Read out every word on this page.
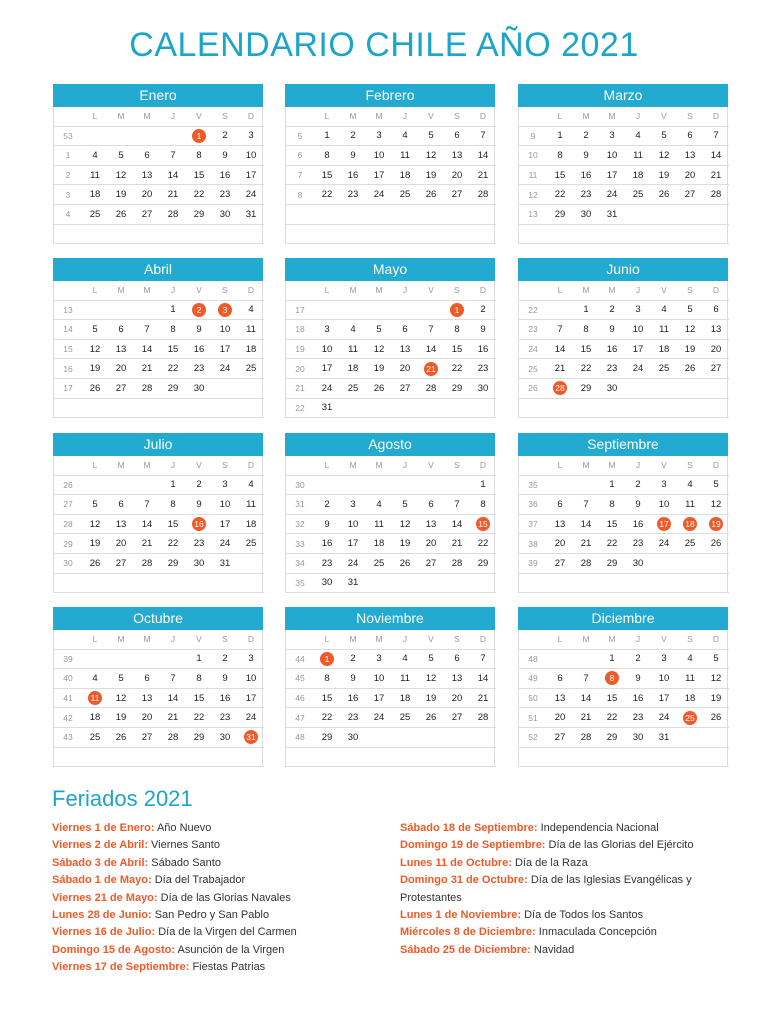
CALENDARIO CHILE AÑO 2021
Enero
	L	M	M	J	V	S	D
53					1	2	3
1	4	5	6	7	8	9	10
2	11	12	13	14	15	16	17
3	18	19	20	21	22	23	24
4	25	26	27	28	29	30	31

Febrero
	L	M	M	J	V	S	D
5	1	2	3	4	5	6	7
6	8	9	10	11	12	13	14
7	15	16	17	18	19	20	21
8	22	23	24	25	26	27	28

Marzo
	L	M	M	J	V	S	D
9	1	2	3	4	5	6	7
10	8	9	10	11	12	13	14
11	15	16	17	18	19	20	21
12	22	23	24	25	26	27	28
13	29	30	31				

Abril
	L	M	M	J	V	S	D
13				1	2	3	4
14	5	6	7	8	9	10	11
15	12	13	14	15	16	17	18
16	19	20	21	22	23	24	25
17	26	27	28	29	30		

Mayo
	L	M	M	J	V	S	D
17						1	2
18	3	4	5	6	7	8	9
19	10	11	12	13	14	15	16
20	17	18	19	20	21	22	23
21	24	25	26	27	28	29	30
22	31						
Junio
	L	M	M	J	V	S	D
22		1	2	3	4	5	6
23	7	8	9	10	11	12	13
24	14	15	16	17	18	19	20
25	21	22	23	24	25	26	27
26	28	29	30				

Julio
	L	M	M	J	V	S	D
26				1	2	3	4
27	5	6	7	8	9	10	11
28	12	13	14	15	16	17	18
29	19	20	21	22	23	24	25
30	26	27	28	29	30	31	

Agosto
	L	M	M	J	V	S	D
30							1
31	2	3	4	5	6	7	8
32	9	10	11	12	13	14	15
33	16	17	18	19	20	21	22
34	23	24	25	26	27	28	29
35	30	31					
Septiembre
	L	M	M	J	V	S	D
35			1	2	3	4	5
36	6	7	8	9	10	11	12
37	13	14	15	16	17	18	19
38	20	21	22	23	24	25	26
39	27	28	29	30			

Octubre
	L	M	M	J	V	S	D
39					1	2	3
40	4	5	6	7	8	9	10
41	11	12	13	14	15	16	17
42	18	19	20	21	22	23	24
43	25	26	27	28	29	30	31

Noviembre
	L	M	M	J	V	S	D
44	1	2	3	4	5	6	7
45	8	9	10	11	12	13	14
46	15	16	17	18	19	20	21
47	22	23	24	25	26	27	28
48	29	30					

Diciembre
	L	M	M	J	V	S	D
48			1	2	3	4	5
49	6	7	8	9	10	11	12
50	13	14	15	16	17	18	19
51	20	21	22	23	24	25	26
52	27	28	29	30	31		

Feriados 2021

Viernes 1 de Enero: Año Nuevo

Viernes 2 de Abril: Viernes Santo

Sábado 3 de Abril: Sábado Santo

Sábado 1 de Mayo: Día del Trabajador

Viernes 21 de Mayo: Día de las Glorias Navales

Lunes 28 de Junio: San Pedro y San Pablo

Viernes 16 de Julio: Día de la Virgen del Carmen

Domingo 15 de Agosto: Asunción de la Virgen

Viernes 17 de Septiembre: Fiestas Patrias

Sábado 18 de Septiembre: Independencia Nacional

Domingo 19 de Septiembre: Día de las Glorias del Ejército

Lunes 11 de Octubre: Día de la Raza

Domingo 31 de Octubre: Día de las Iglesias Evangélicas y Protestantes

Lunes 1 de Noviembre: Día de Todos los Santos

Miércoles 8 de Diciembre: Inmaculada Concepción

Sábado 25 de Diciembre: Navidad
